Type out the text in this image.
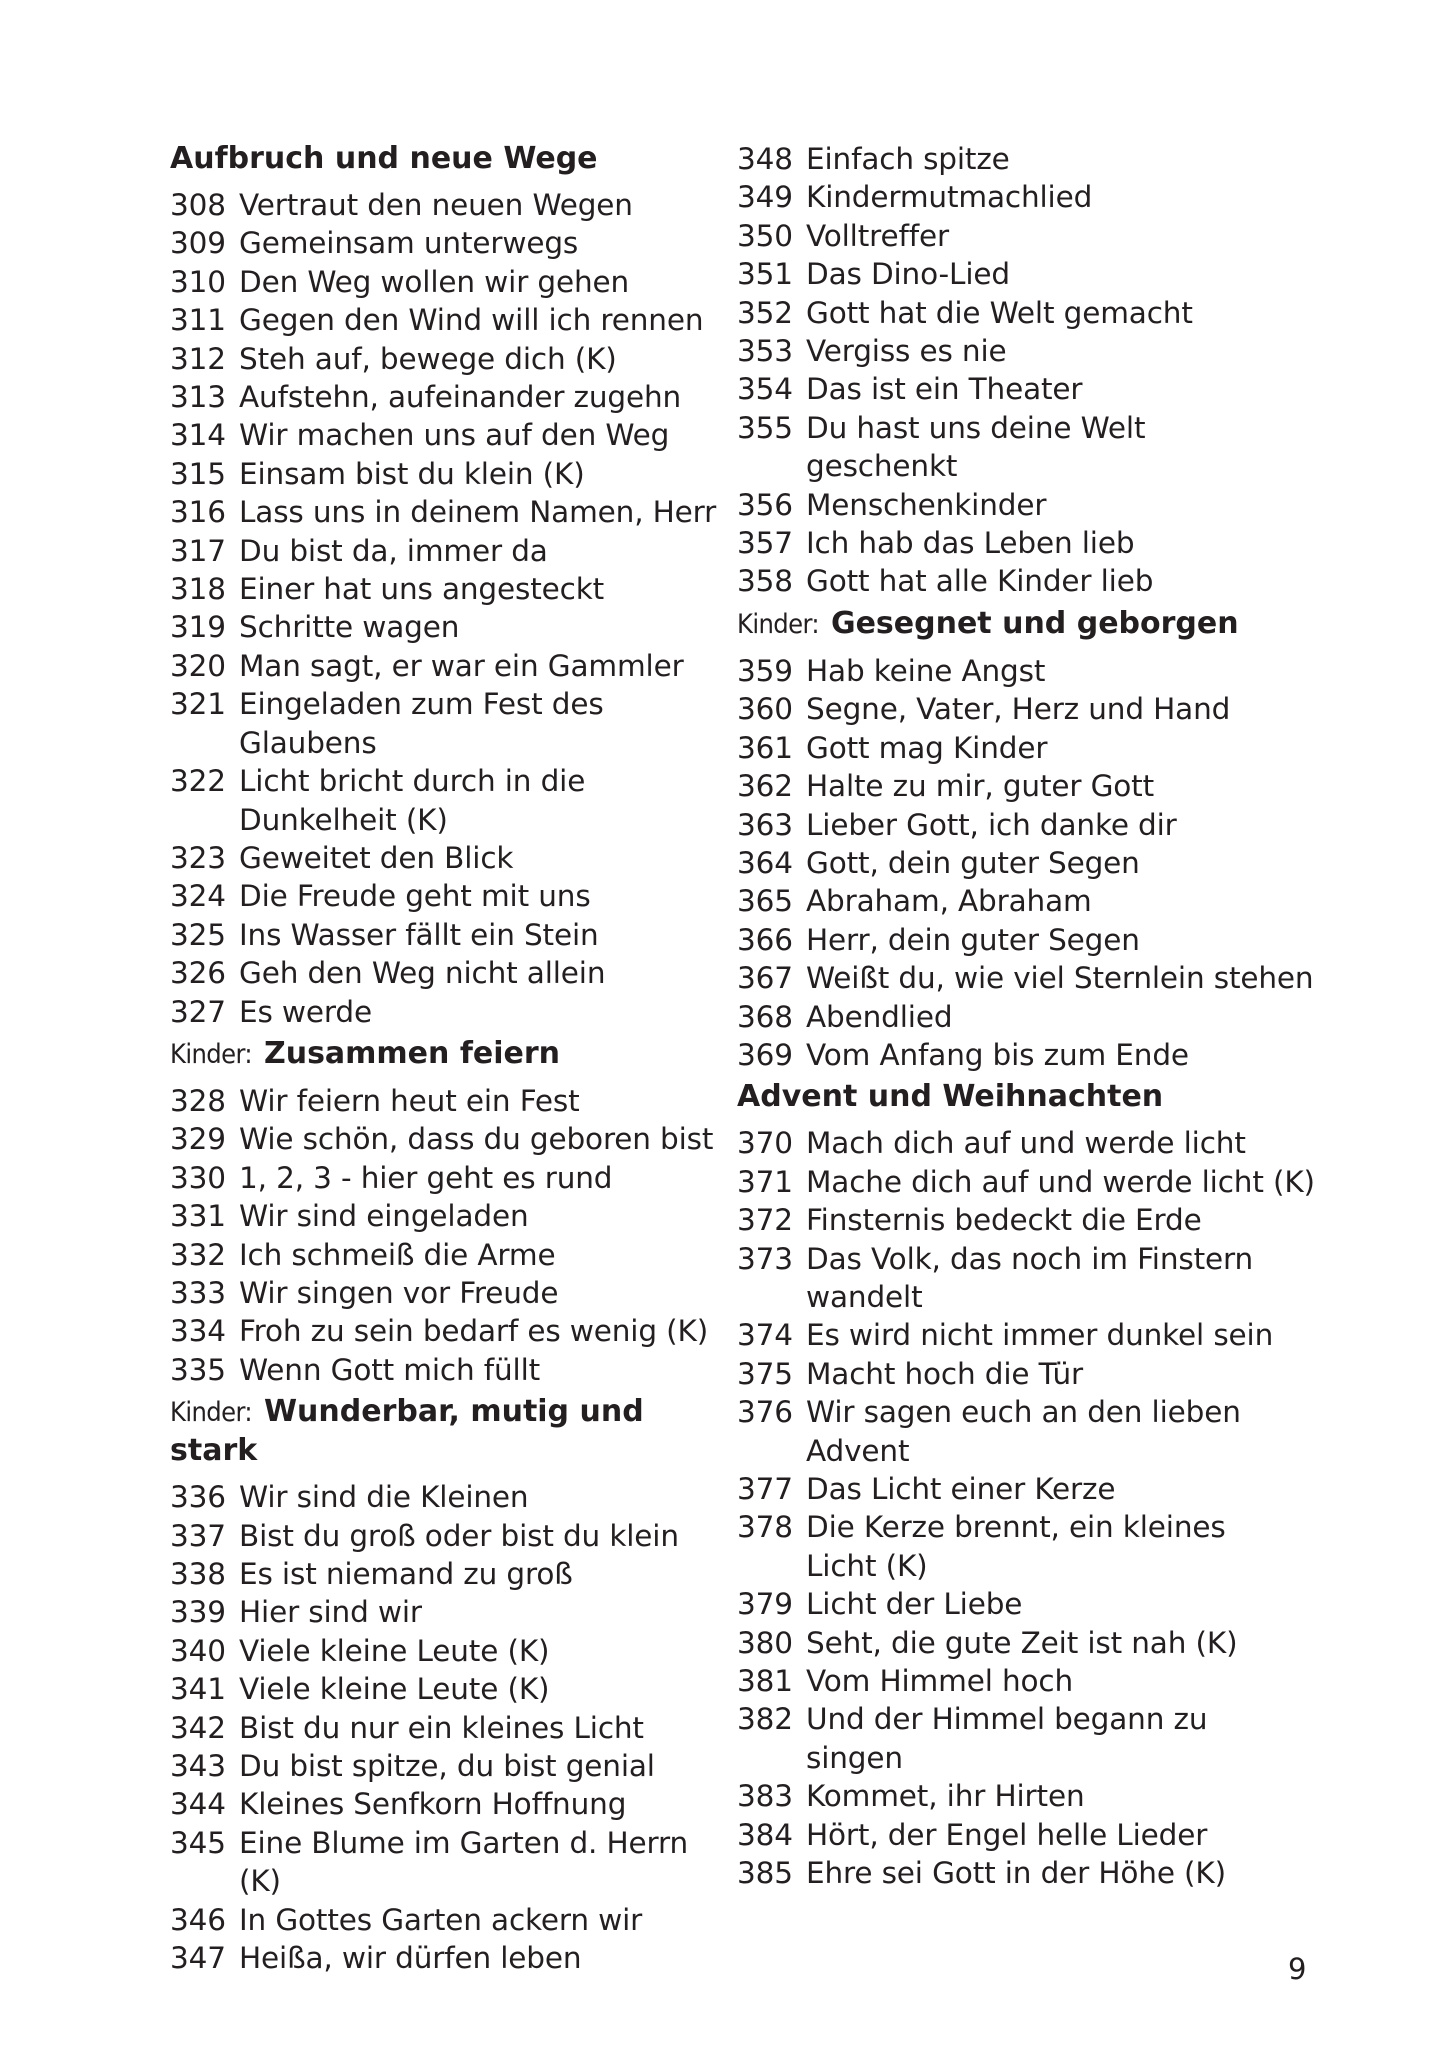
Aufbruch und neue Wege
308 Vertraut den neuen Wegen
309 Gemeinsam unterwegs
310 Den Weg wollen wir gehen
311 Gegen den Wind will ich rennen
312 Steh auf, bewege dich (K)
313 Aufstehn, aufeinander zugehn
314 Wir machen uns auf den Weg
315 Einsam bist du klein (K)
316 Lass uns in deinem Namen, Herr
317 Du bist da, immer da
318 Einer hat uns angesteckt
319 Schritte wagen
320 Man sagt, er war ein Gammler
321 Eingeladen zum Fest des
Glaubens
322 Licht bricht durch in die
Dunkelheit (K)
323 Geweitet den Blick
324 Die Freude geht mit uns
325 Ins Wasser fällt ein Stein
326 Geh den Weg nicht allein
327 Es werde
Kinder: Zusammen feiern
328 Wir feiern heut ein Fest
329 Wie schön, dass du geboren bist
330 1, 2, 3 - hier geht es rund
331 Wir sind eingeladen
332 Ich schmeiß die Arme
333 Wir singen vor Freude
334 Froh zu sein bedarf es wenig (K)
335 Wenn Gott mich füllt
Kinder: Wunderbar, mutig und stark
336 Wir sind die Kleinen
337 Bist du groß oder bist du klein
338 Es ist niemand zu groß
339 Hier sind wir
340 Viele kleine Leute (K)
341 Viele kleine Leute (K)
342 Bist du nur ein kleines Licht
343 Du bist spitze, du bist genial
344 Kleines Senfkorn Hoffnung
345 Eine Blume im Garten d. Herrn (K)
346 In Gottes Garten ackern wir
347 Heißa, wir dürfen leben
348 Einfach spitze
349 Kindermutmachlied
350 Volltreffer
351 Das Dino-Lied
352 Gott hat die Welt gemacht
353 Vergiss es nie
354 Das ist ein Theater
355 Du hast uns deine Welt
geschenkt
356 Menschenkinder
357 Ich hab das Leben lieb
358 Gott hat alle Kinder lieb
Kinder: Gesegnet und geborgen
359 Hab keine Angst
360 Segne, Vater, Herz und Hand
361 Gott mag Kinder
362 Halte zu mir, guter Gott
363 Lieber Gott, ich danke dir
364 Gott, dein guter Segen
365 Abraham, Abraham
366 Herr, dein guter Segen
367 Weißt du, wie viel Sternlein stehen
368 Abendlied
369 Vom Anfang bis zum Ende
Advent und Weihnachten
370 Mach dich auf und werde licht
371 Mache dich auf und werde licht (K)
372 Finsternis bedeckt die Erde
373 Das Volk, das noch im Finstern
wandelt
374 Es wird nicht immer dunkel sein
375 Macht hoch die Tür
376 Wir sagen euch an den lieben
Advent
377 Das Licht einer Kerze
378 Die Kerze brennt, ein kleines
Licht (K)
379 Licht der Liebe
380 Seht, die gute Zeit ist nah (K)
381 Vom Himmel hoch
382 Und der Himmel begann zu
singen
383 Kommet, ihr Hirten
384 Hört, der Engel helle Lieder
385 Ehre sei Gott in der Höhe (K)
9
